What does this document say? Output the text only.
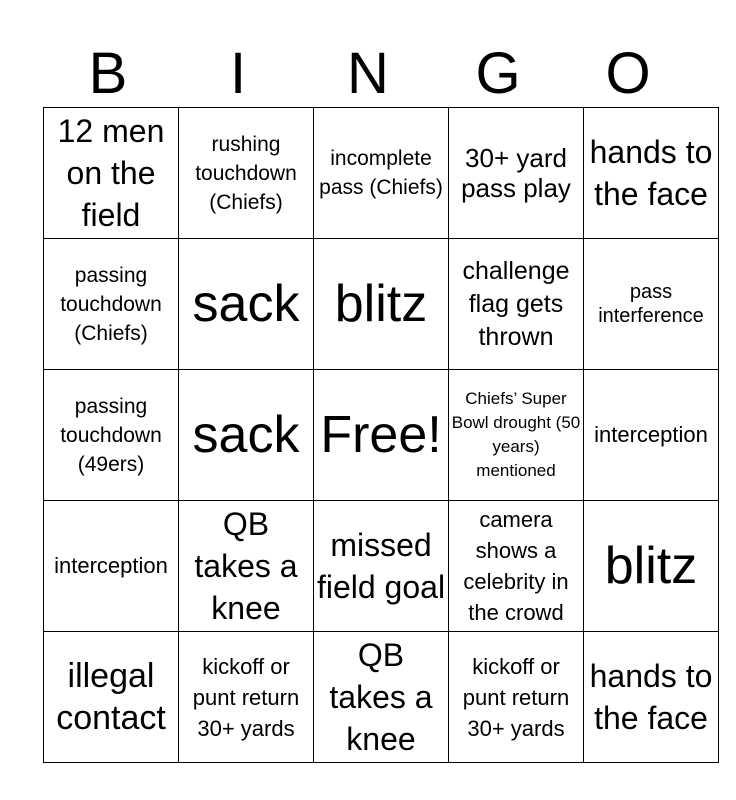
B	I	N	G	O
12 men on the field	rushing touchdown (Chiefs)	incomplete pass (Chiefs)	30+ yard pass play	hands to the face
passing touchdown (Chiefs)	sack	blitz	challenge flag gets thrown	pass interference
passing touchdown (49ers)	sack	Free!	Chiefs’ Super Bowl drought (50 years) mentioned	interception
interception	QB takes a knee	missed field goal	camera shows a celebrity in the crowd	blitz
illegal contact	kickoff or punt return 30+ yards	QB takes a knee	kickoff or punt return 30+ yards	hands to the face
